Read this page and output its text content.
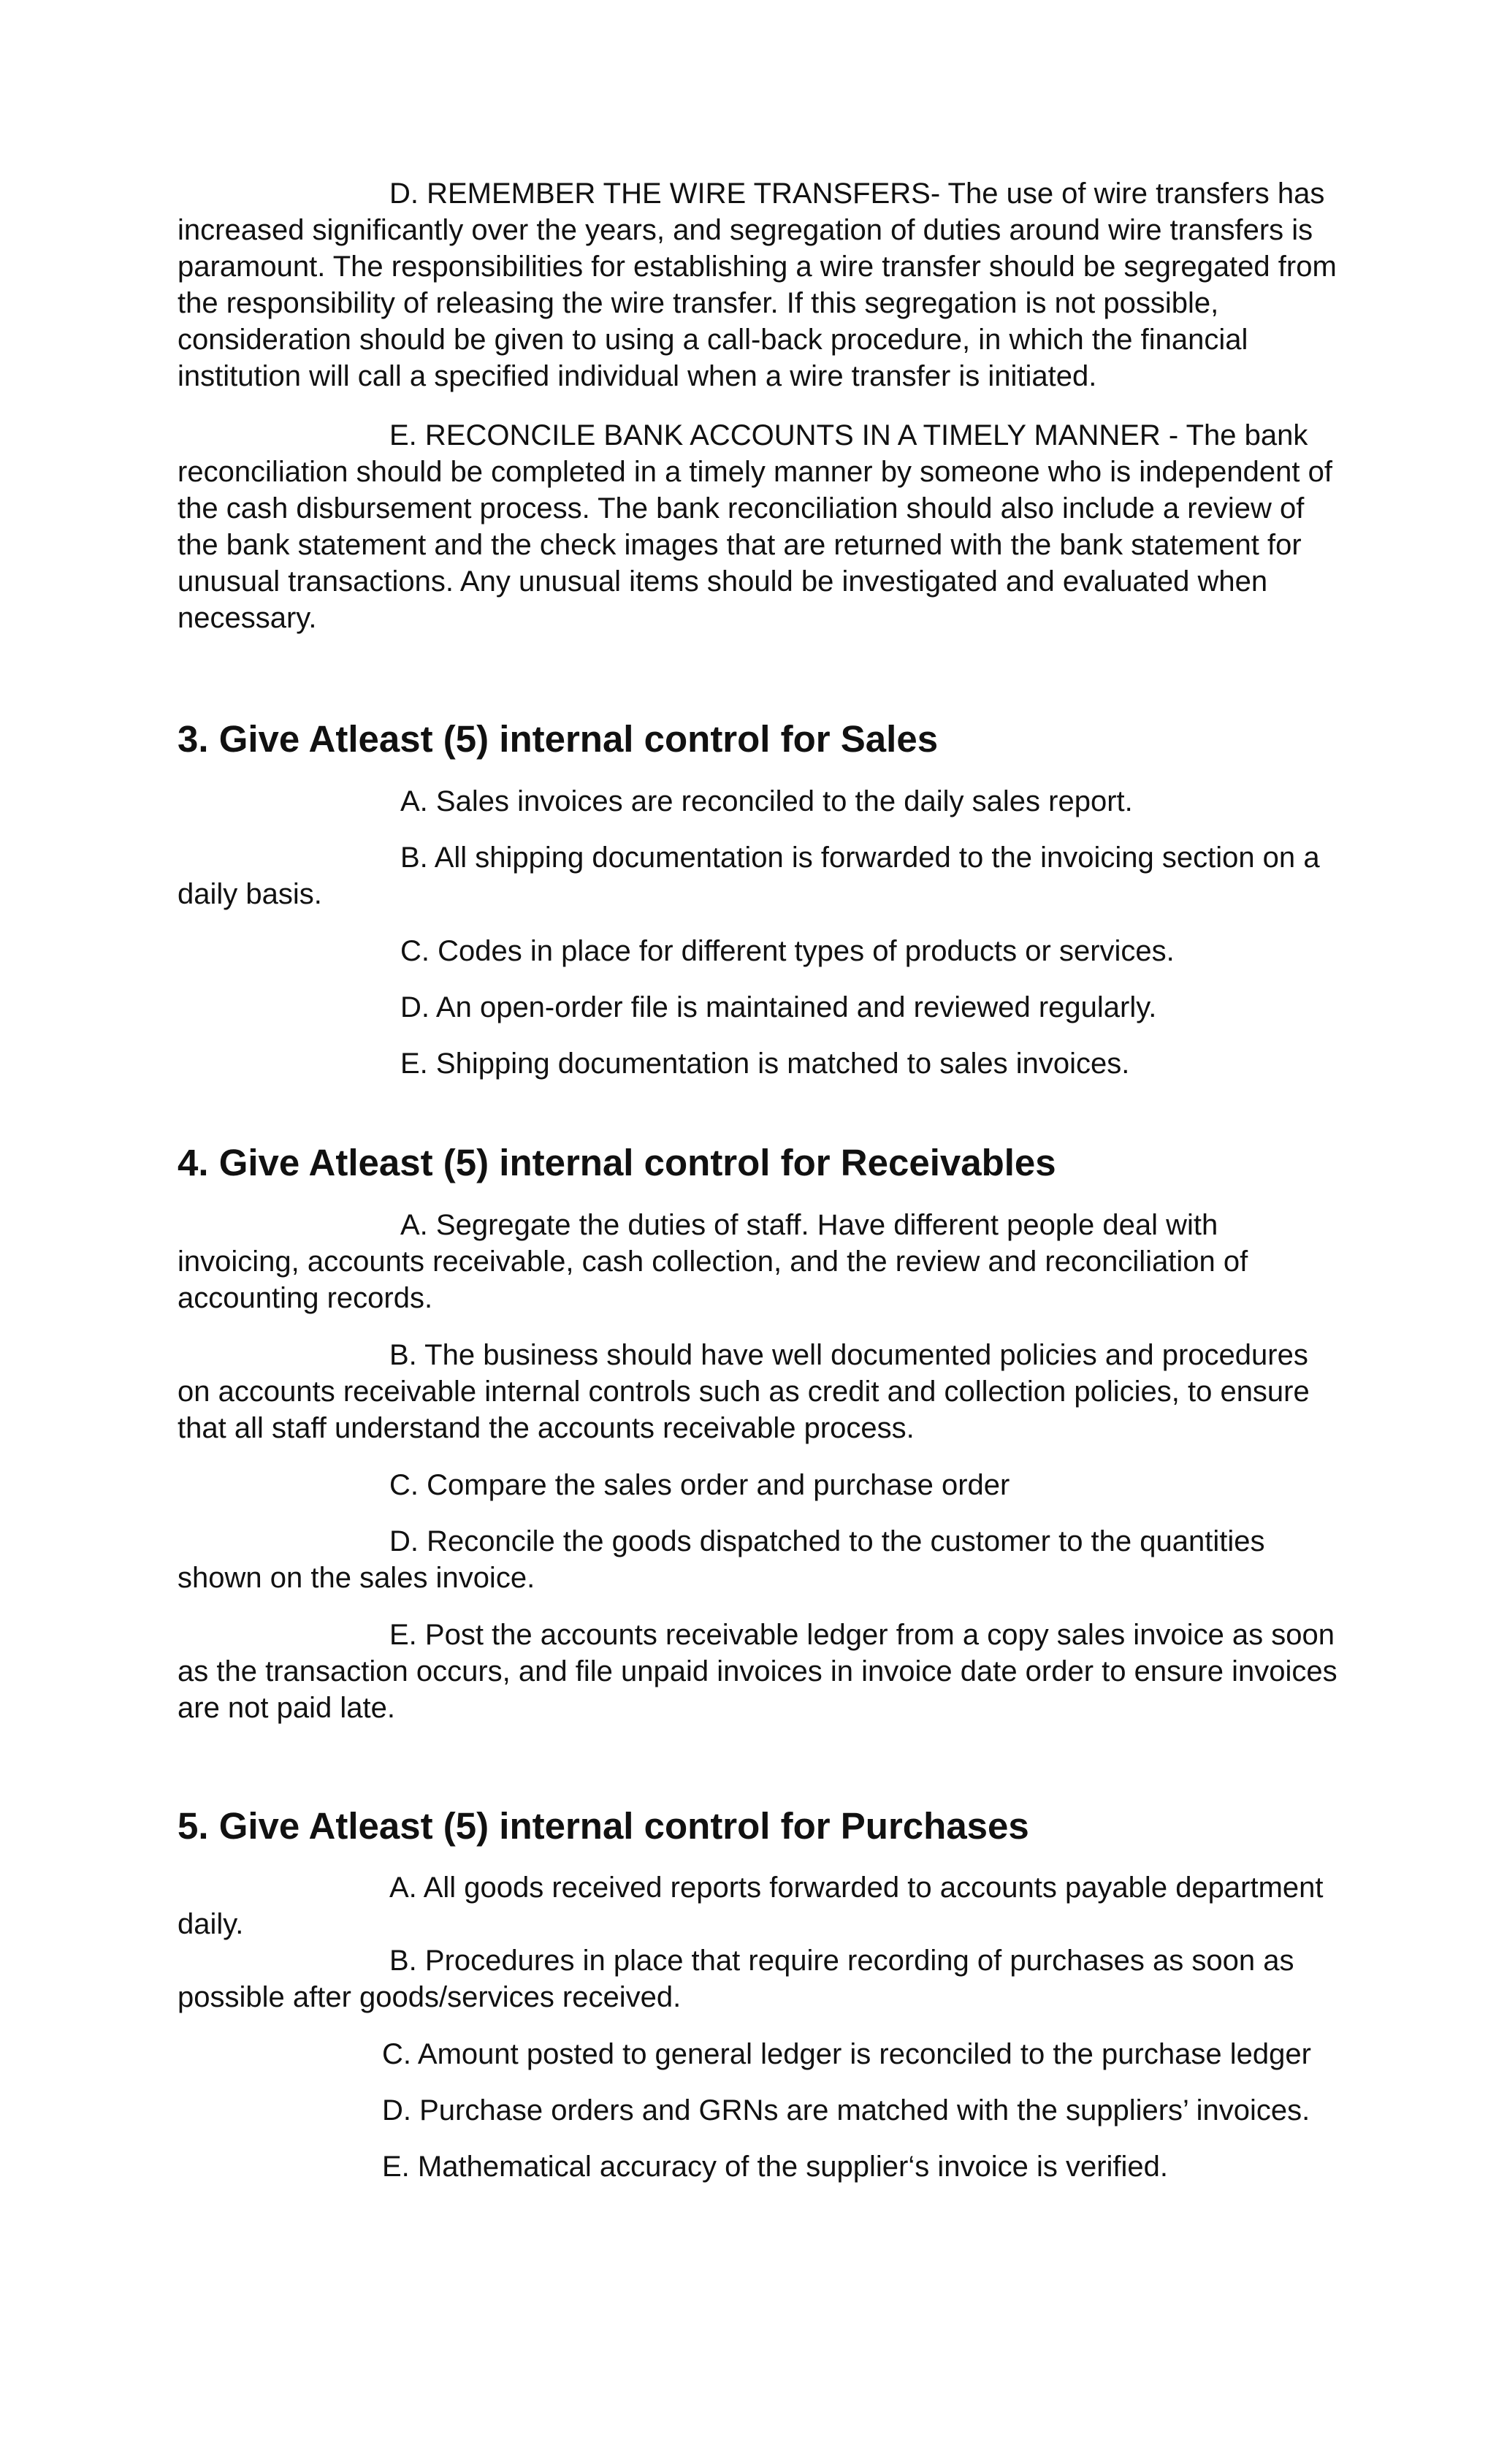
D. REMEMBER THE WIRE TRANSFERS- The use of wire transfers has increased significantly over the years, and segregation of duties around wire transfers is paramount. The responsibilities for establishing a wire transfer should be segregated from the responsibility of releasing the wire transfer. If this segregation is not possible, consideration should be given to using a call-back procedure, in which the financial institution will call a specified individual when a wire transfer is initiated.
E. RECONCILE BANK ACCOUNTS IN A TIMELY MANNER - The bank reconciliation should be completed in a timely manner by someone who is independent of the cash disbursement process. The bank reconciliation should also include a review of the bank statement and the check images that are returned with the bank statement for unusual transactions. Any unusual items should be investigated and evaluated when necessary.
3. Give Atleast (5) internal control for Sales
A. Sales invoices are reconciled to the daily sales report.
B. All shipping documentation is forwarded to the invoicing section on a daily basis.
C. Codes in place for different types of products or services.
D. An open-order file is maintained and reviewed regularly.
E. Shipping documentation is matched to sales invoices.
4. Give Atleast (5) internal control for Receivables
A. Segregate the duties of staff. Have different people deal with invoicing, accounts receivable, cash collection, and the review and reconciliation of accounting records.
B. The business should have well documented policies and procedures on accounts receivable internal controls such as credit and collection policies, to ensure that all staff understand the accounts receivable process.
C. Compare the sales order and purchase order
D. Reconcile the goods dispatched to the customer to the quantities shown on the sales invoice.
E. Post the accounts receivable ledger from a copy sales invoice as soon as the transaction occurs, and file unpaid invoices in invoice date order to ensure invoices are not paid late.
5. Give Atleast (5) internal control for Purchases
A. All goods received reports forwarded to accounts payable department daily.
B. Procedures in place that require recording of purchases as soon as possible after goods/services received.
C. Amount posted to general ledger is reconciled to the purchase ledger
D. Purchase orders and GRNs are matched with the suppliers’ invoices.
E. Mathematical accuracy of the supplier‘s invoice is verified.
